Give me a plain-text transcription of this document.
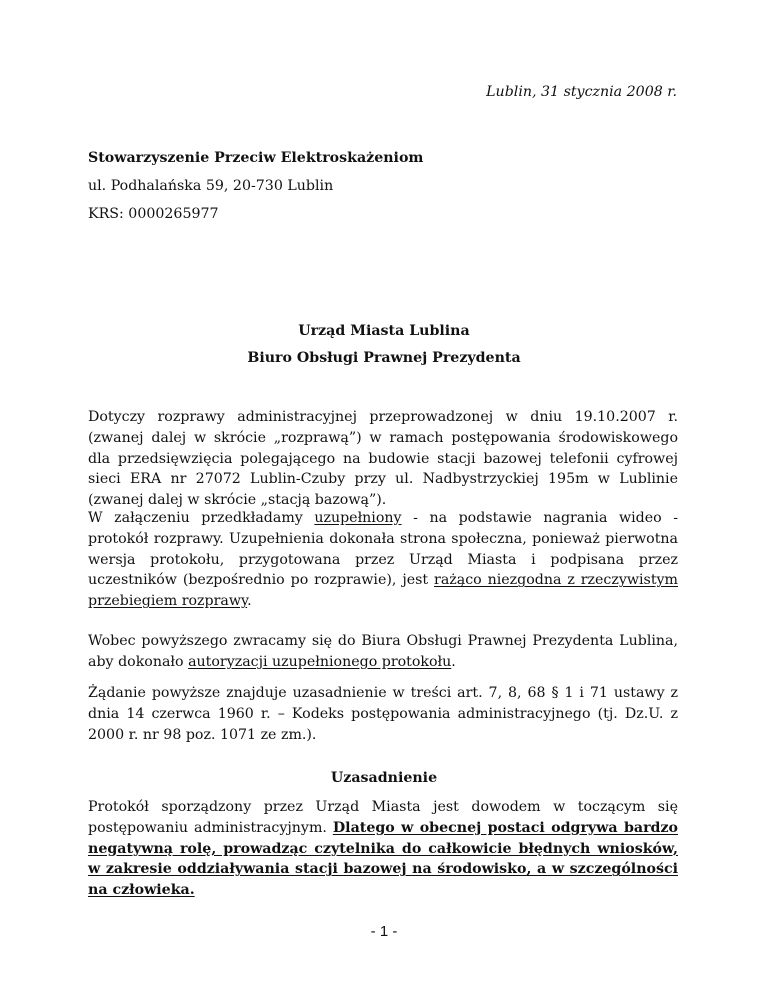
Lublin, 31 stycznia 2008 r.
Stowarzyszenie Przeciw Elektroskażeniom
ul. Podhalańska 59, 20-730 Lublin
KRS: 0000265977
Urząd Miasta Lublina
Biuro Obsługi Prawnej Prezydenta

Dotyczy rozprawy administracyjnej przeprowadzonej w dniu 19.10.2007 r. (zwanej dalej w skrócie „rozprawą”) w ramach postępowania środowiskowego dla przedsięwzięcia polegającego na budowie stacji bazowej telefonii cyfrowej sieci ERA nr 27072 Lublin-Czuby przy ul. Nadbystrzyckiej 195m w Lublinie (zwanej dalej w skrócie „stacją bazową”).

W załączeniu przedkładamy uzupełniony - na podstawie nagrania wideo - protokół rozprawy. Uzupełnienia dokonała strona społeczna, ponieważ pierwotna wersja protokołu, przygotowana przez Urząd Miasta i podpisana przez uczestników (bezpośrednio po rozprawie), jest rażąco niezgodna z rzeczywistym przebiegiem rozprawy.

Wobec powyższego zwracamy się do Biura Obsługi Prawnej Prezydenta Lublina, aby dokonało autoryzacji uzupełnionego protokołu.

Żądanie powyższe znajduje uzasadnienie w treści art. 7, 8, 68 § 1 i 71 ustawy z dnia 14 czerwca 1960 r. – Kodeks postępowania administracyjnego (tj. Dz.U. z 2000 r. nr 98 poz. 1071 ze zm.).

Uzasadnienie

Protokół sporządzony przez Urząd Miasta jest dowodem w toczącym się postępowaniu administracyjnym. Dlatego w obecnej postaci odgrywa bardzo negatywną rolę, prowadząc czytelnika do całkowicie błędnych wniosków, w zakresie oddziaływania stacji bazowej na środowisko, a w szczególności na człowieka.

- 1 -
